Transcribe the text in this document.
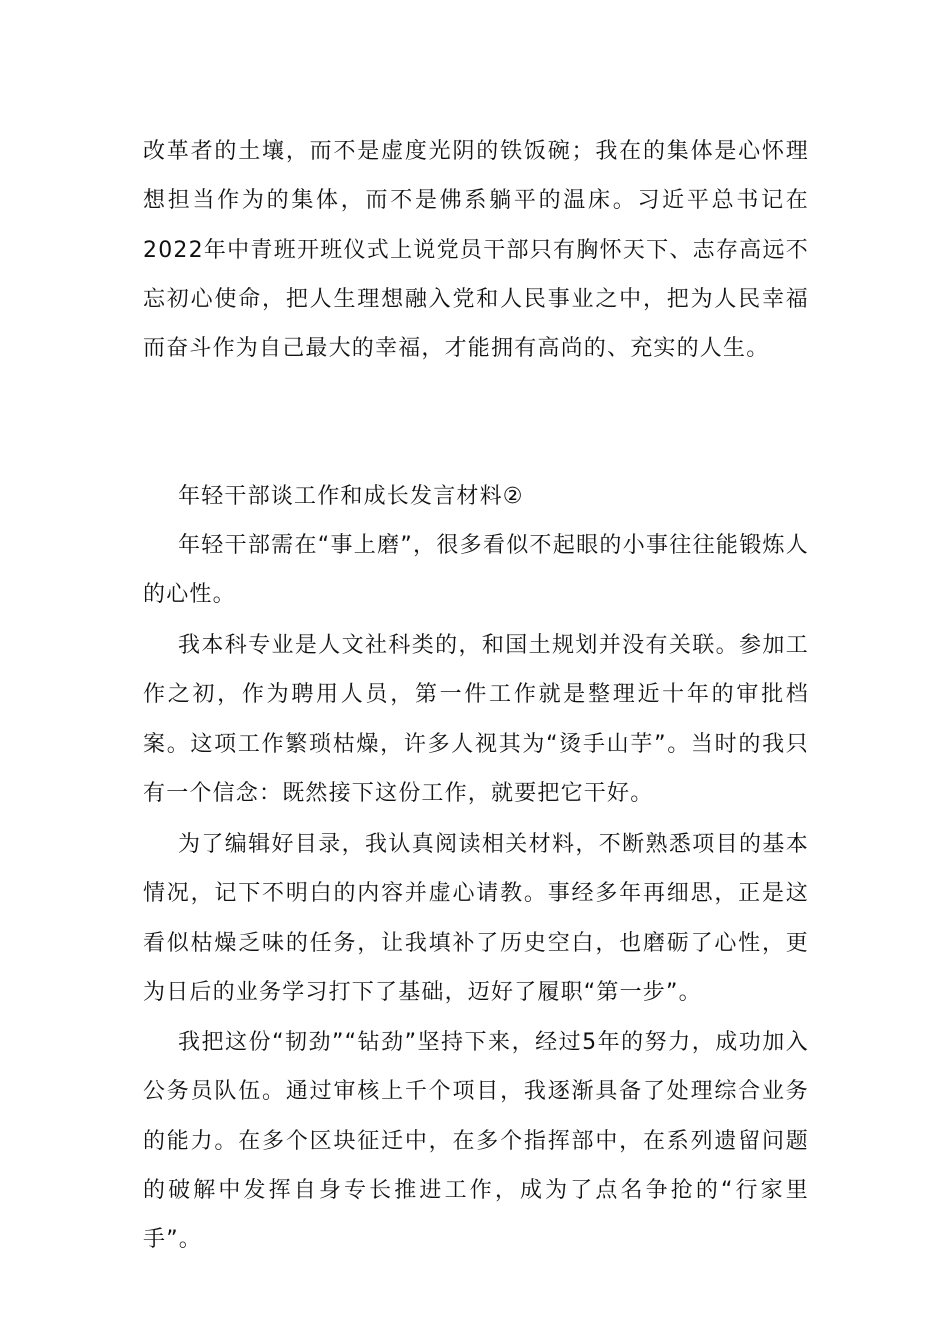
改革者的土壤，而不是虚度光阴的铁饭碗；我在的集体是心怀理想担当作为的集体，而不是佛系躺平的温床。习近平总书记在2022年中青班开班仪式上说党员干部只有胸怀天下、志存高远不忘初心使命，把人生理想融入党和人民事业之中，把为人民幸福而奋斗作为自己最大的幸福，才能拥有高尚的、充实的人生。

年轻干部谈工作和成长发言材料②

年轻干部需在“事上磨”，很多看似不起眼的小事往往能锻炼人的心性。

我本科专业是人文社科类的，和国土规划并没有关联。参加工作之初，作为聘用人员，第一件工作就是整理近十年的审批档案。这项工作繁琐枯燥，许多人视其为“烫手山芋”。当时的我只有一个信念：既然接下这份工作，就要把它干好。

为了编辑好目录，我认真阅读相关材料，不断熟悉项目的基本情况，记下不明白的内容并虚心请教。事经多年再细思，正是这看似枯燥乏味的任务，让我填补了历史空白，也磨砺了心性，更为日后的业务学习打下了基础，迈好了履职“第一步”。

我把这份“韧劲”“钻劲”坚持下来，经过5年的努力，成功加入公务员队伍。通过审核上千个项目，我逐渐具备了处理综合业务的能力。在多个区块征迁中，在多个指挥部中，在系列遗留问题的破解中发挥自身专长推进工作，成为了点名争抢的“行家里手”。
